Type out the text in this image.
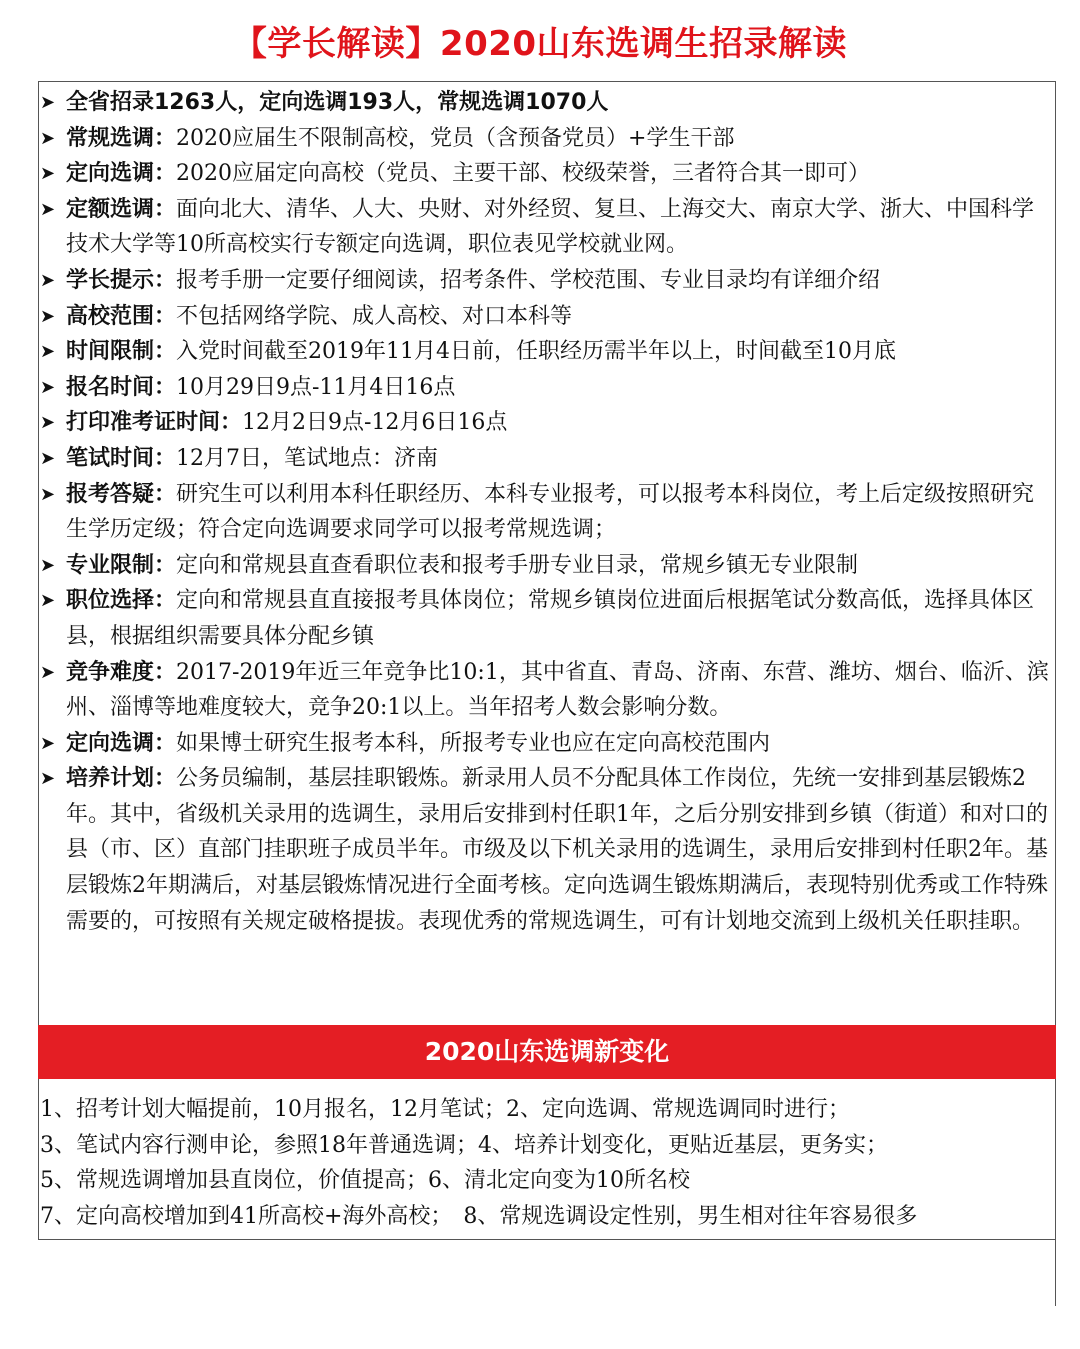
【学长解读】2020山东选调生招录解读
➤ 全省招录1263人，定向选调193人，常规选调1070人
➤ 常规选调：2020应届生不限制高校，党员（含预备党员）+学生干部
➤ 定向选调：2020应届定向高校（党员、主要干部、校级荣誉，三者符合其一即可）
➤ 定额选调：面向北大、清华、人大、央财、对外经贸、复旦、上海交大、南京大学、浙大、中国科学技术大学等10所高校实行专额定向选调，职位表见学校就业网。
➤ 学长提示：报考手册一定要仔细阅读，招考条件、学校范围、专业目录均有详细介绍
➤ 高校范围：不包括网络学院、成人高校、对口本科等
➤ 时间限制：入党时间截至2019年11月4日前，任职经历需半年以上，时间截至10月底
➤ 报名时间：10月29日9点-11月4日16点
➤ 打印准考证时间：12月2日9点-12月6日16点
➤ 笔试时间：12月7日，笔试地点：济南
➤ 报考答疑：研究生可以利用本科任职经历、本科专业报考，可以报考本科岗位，考上后定级按照研究生学历定级；符合定向选调要求同学可以报考常规选调；
➤ 专业限制：定向和常规县直查看职位表和报考手册专业目录，常规乡镇无专业限制
➤ 职位选择：定向和常规县直直接报考具体岗位；常规乡镇岗位进面后根据笔试分数高低，选择具体区县，根据组织需要具体分配乡镇
➤ 竞争难度：2017-2019年近三年竞争比10:1，其中省直、青岛、济南、东营、潍坊、烟台、临沂、滨州、淄博等地难度较大，竞争20:1以上。当年招考人数会影响分数。
➤ 定向选调：如果博士研究生报考本科，所报考专业也应在定向高校范围内
➤ 培养计划：公务员编制，基层挂职锻炼。新录用人员不分配具体工作岗位，先统一安排到基层锻炼2年。其中，省级机关录用的选调生，录用后安排到村任职1年，之后分别安排到乡镇（街道）和对口的县（市、区）直部门挂职班子成员半年。市级及以下机关录用的选调生，录用后安排到村任职2年。基层锻炼2年期满后，对基层锻炼情况进行全面考核。定向选调生锻炼期满后，表现特别优秀或工作特殊需要的，可按照有关规定破格提拔。表现优秀的常规选调生，可有计划地交流到上级机关任职挂职。
2020山东选调新变化
1、招考计划大幅提前，10月报名，12月笔试；2、定向选调、常规选调同时进行；
3、笔试内容行测申论，参照18年普通选调；4、培养计划变化，更贴近基层，更务实；
5、常规选调增加县直岗位，价值提高；6、清北定向变为10所名校
7、定向高校增加到41所高校+海外高校；　8、常规选调设定性别，男生相对往年容易很多
